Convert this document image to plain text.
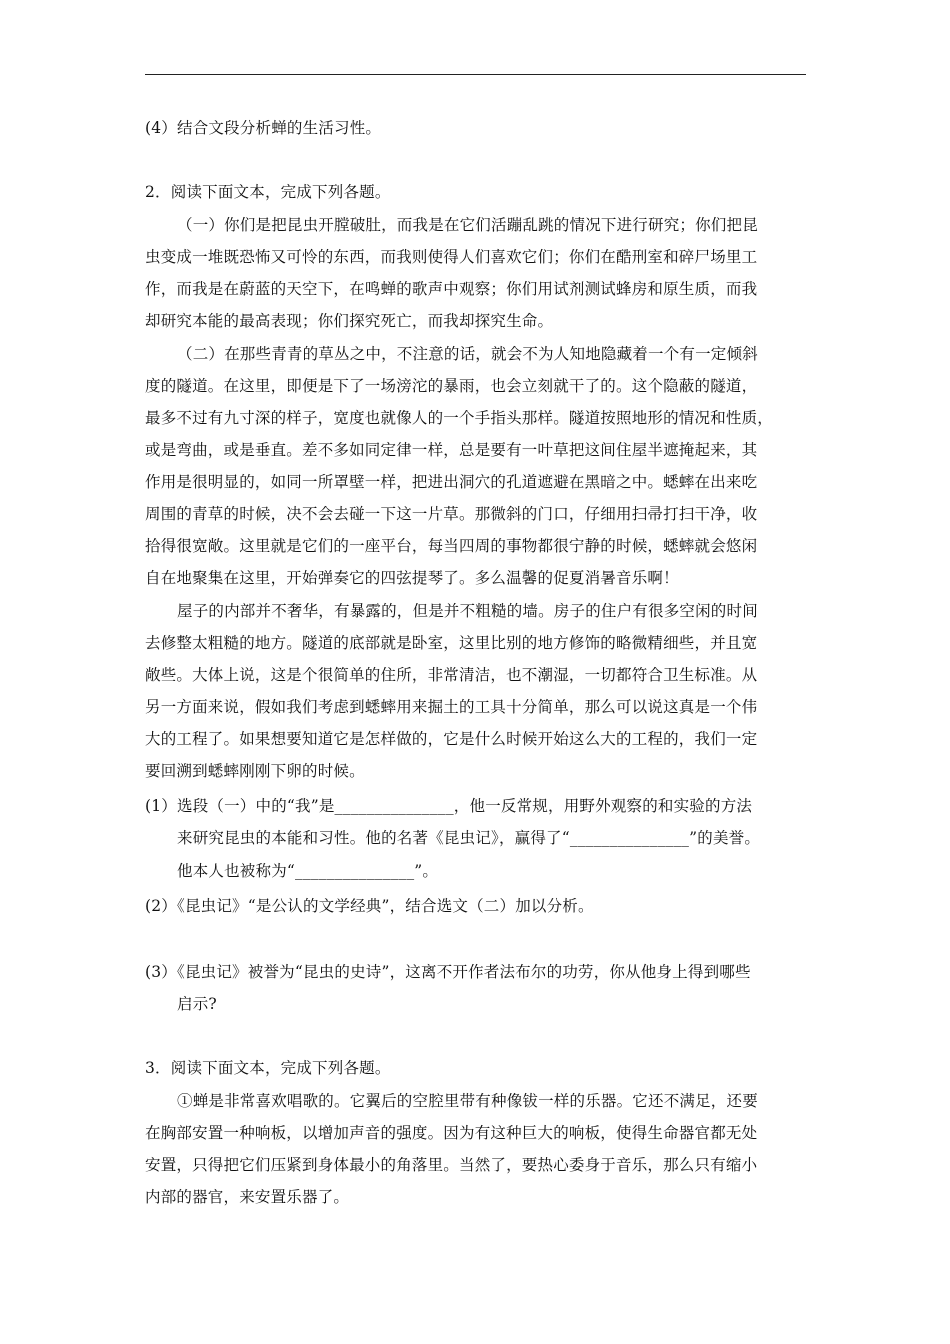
(4）结合文段分析蝉的生活习性。
2．阅读下面文本，完成下列各题。
（一）你们是把昆虫开膛破肚，而我是在它们活蹦乱跳的情况下进行研究；你们把昆
虫变成一堆既恐怖又可怜的东西，而我则使得人们喜欢它们；你们在酷刑室和碎尸场里工
作，而我是在蔚蓝的天空下，在鸣蝉的歌声中观察；你们用试剂测试蜂房和原生质，而我
却研究本能的最高表现；你们探究死亡，而我却探究生命。
（二）在那些青青的草丛之中，不注意的话，就会不为人知地隐藏着一个有一定倾斜
度的隧道。在这里，即便是下了一场滂沱的暴雨，也会立刻就干了的。这个隐蔽的隧道，
最多不过有九寸深的样子，宽度也就像人的一个手指头那样。隧道按照地形的情况和性质，
或是弯曲，或是垂直。差不多如同定律一样，总是要有一叶草把这间住屋半遮掩起来，其
作用是很明显的，如同一所罩壁一样，把进出洞穴的孔道遮避在黑暗之中。蟋蟀在出来吃
周围的青草的时候，决不会去碰一下这一片草。那微斜的门口，仔细用扫帚打扫干净，收
拾得很宽敞。这里就是它们的一座平台，每当四周的事物都很宁静的时候，蟋蟀就会悠闲
自在地聚集在这里，开始弹奏它的四弦提琴了。多么温馨的促夏消暑音乐啊！
屋子的内部并不奢华，有暴露的，但是并不粗糙的墙。房子的住户有很多空闲的时间
去修整太粗糙的地方。隧道的底部就是卧室，这里比别的地方修饰的略微精细些，并且宽
敞些。大体上说，这是个很简单的住所，非常清洁，也不潮湿，一切都符合卫生标准。从
另一方面来说，假如我们考虑到蟋蟀用来掘土的工具十分简单，那么可以说这真是一个伟
大的工程了。如果想要知道它是怎样做的，它是什么时候开始这么大的工程的，我们一定
要回溯到蟋蟀刚刚下卵的时候。
(1）选段（一）中的“我”是_______________，他一反常规，用野外观察的和实验的方法
来研究昆虫的本能和习性。他的名著《昆虫记》，赢得了“_______________”的美誉。
他本人也被称为“_______________”。
(2）《昆虫记》“是公认的文学经典”，结合选文（二）加以分析。
(3）《昆虫记》被誉为“昆虫的史诗”，这离不开作者法布尔的功劳，你从他身上得到哪些
启示?
3．阅读下面文本，完成下列各题。
①蝉是非常喜欢唱歌的。它翼后的空腔里带有种像钹一样的乐器。它还不满足，还要
在胸部安置一种响板，以增加声音的强度。因为有这种巨大的响板，使得生命器官都无处
安置，只得把它们压紧到身体最小的角落里。当然了，要热心委身于音乐，那么只有缩小
内部的器官，来安置乐器了。
